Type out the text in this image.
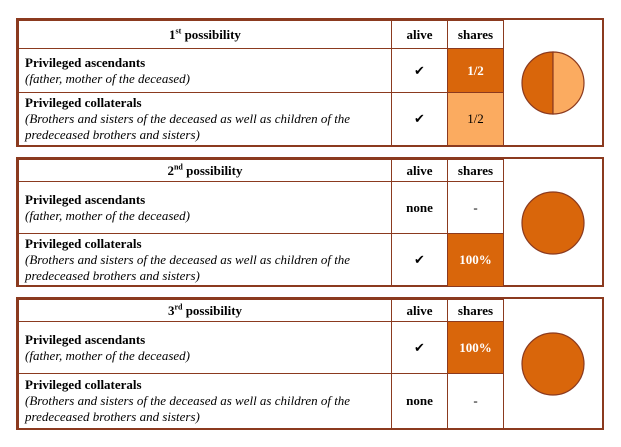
1st possibility	alive	shares	

Privileged ascendants
(father, mother of the deceased)	✔	1/2	

Privileged collaterals
(Brothers and sisters of the deceased as well as children of the predeceased brothers and sisters)	✔	1/2	
2nd possibility	alive	shares	

Privileged ascendants
(father, mother of the deceased)	none	-	

Privileged collaterals
(Brothers and sisters of the deceased as well as children of the predeceased brothers and sisters)	✔	100%	
3rd possibility	alive	shares	

Privileged ascendants
(father, mother of the deceased)	✔	100%	

Privileged collaterals
(Brothers and sisters of the deceased as well as children of the predeceased brothers and sisters)	none	-	
